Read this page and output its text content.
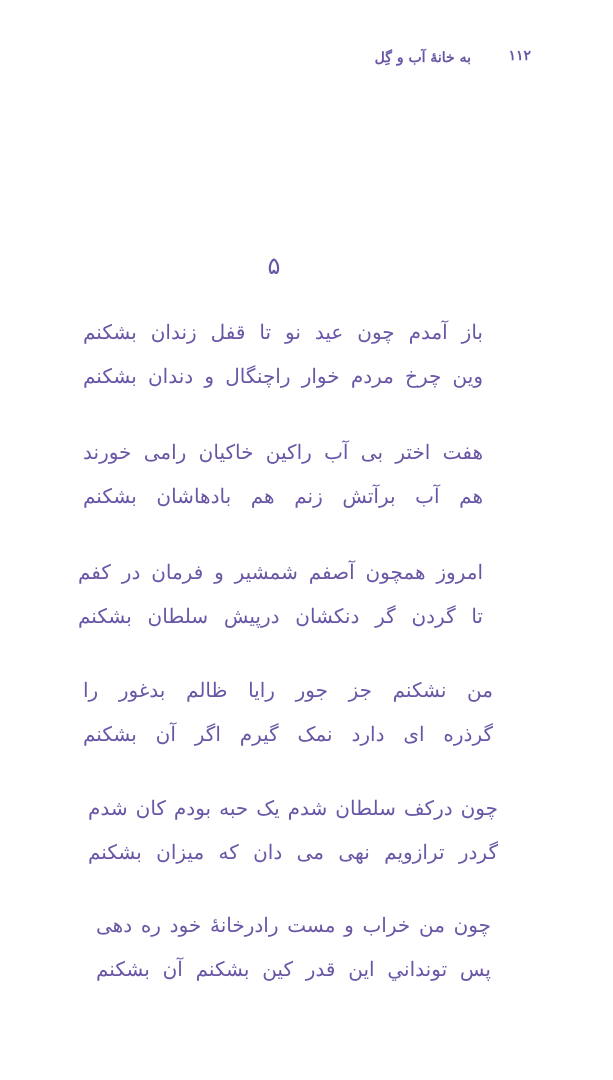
۱۱۲
به خانهٔ آب و گِل
۵
باز آمدم چون عید نو تا قفل زندان بشکنم
وین چرخ مردم خوار راچنگال و دندان بشکنم
هفت اختر بی آب راکین خاکیان رامی خورند
هم آب برآتش زنم هم بادهاشان بشکنم
امروز همچون آصفم شمشیر و فرمان در کفم
تا گردن گر دنکشان درپیش سلطان بشکنم
من نشکنم جز جور رایا ظالم بدغور را
گرذره ای دارد نمک گیرم اگر آن بشکنم
چون درکف سلطان شدم یک حبه بودم کان شدم
گردر ترازویم نهی می دان که میزان بشکنم
چون من خراب و مست رادرخانهٔ خود ره دهی
پس تونداني اين قدر کين بشکنم آن بشکنم
